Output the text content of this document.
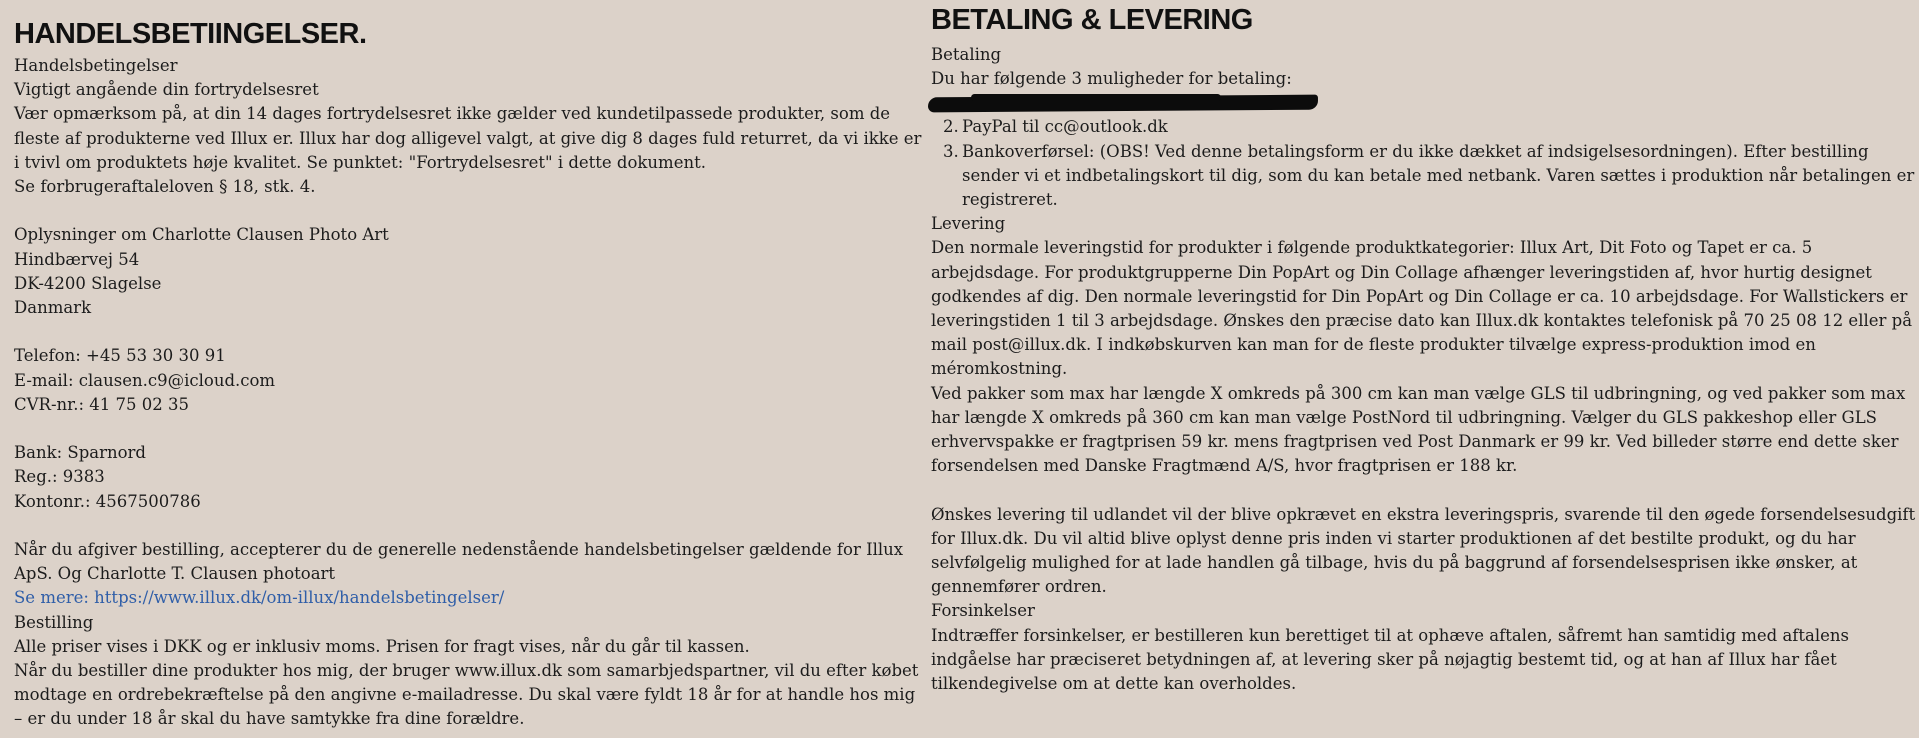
HANDELSBETIINGELSER.

Handelsbetingelser

Vigtigt angående din fortrydelsesret

Vær opmærksom på, at din 14 dages fortrydelsesret ikke gælder ved kundetilpassede produkter, som de fleste af produkterne ved Illux er. Illux har dog alligevel valgt, at give dig 8 dages fuld returret, da vi ikke er i tvivl om produktets høje kvalitet. Se punktet: "Fortrydelsesret" i dette dokument.

Se forbrugeraftaleloven § 18, stk. 4.

Oplysninger om Charlotte Clausen Photo Art

Hindbærvej 54

DK-4200 Slagelse

Danmark

Telefon: +45 53 30 30 91

E-mail: clausen.c9@icloud.com

CVR-nr.: 41 75 02 35

Bank: Sparnord

Reg.: 9383

Kontonr.: 4567500786

Når du afgiver bestilling, accepterer du de generelle nedenstående handelsbetingelser gældende for Illux ApS. Og Charlotte T. Clausen photoart

Se mere: https://www.illux.dk/om-illux/handelsbetingelser/

Bestilling

Alle priser vises i DKK og er inklusiv moms. Prisen for fragt vises, når du går til kassen.

Når du bestiller dine produkter hos mig, der bruger www.illux.dk som samarbjedspartner, vil du efter købet modtage en ordrebekræftelse på den angivne e-mailadresse. Du skal være fyldt 18 år for at handle hos mig – er du under 18 år skal du have samtykke fra dine forældre.

BETALING & LEVERING

Betaling

Du har følgende 3 muligheder for betaling:

2. PayPal til cc@outlook.dk
3. Bankoverførsel: (OBS! Ved denne betalingsform er du ikke dækket af indsigelsesordningen). Efter bestilling sender vi et indbetalingskort til dig, som du kan betale med netbank. Varen sættes i produktion når betalingen er registreret.

Levering

Den normale leveringstid for produkter i følgende produktkategorier: Illux Art, Dit Foto og Tapet er ca. 5 arbejdsdage. For produktgrupperne Din PopArt og Din Collage afhænger leveringstiden af, hvor hurtig designet godkendes af dig. Den normale leveringstid for Din PopArt og Din Collage er ca. 10 arbejdsdage. For Wallstickers er leveringstiden 1 til 3 arbejdsdage. Ønskes den præcise dato kan Illux.dk kontaktes telefonisk på 70 25 08 12 eller på mail post@illux.dk. I indkøbskurven kan man for de fleste produkter tilvælge express-produktion imod en méromkostning.

Ved pakker som max har længde X omkreds på 300 cm kan man vælge GLS til udbringning, og ved pakker som max har længde X omkreds på 360 cm kan man vælge PostNord til udbringning. Vælger du GLS pakkeshop eller GLS erhvervspakke er fragtprisen 59 kr. mens fragtprisen ved Post Danmark er 99 kr. Ved billeder større end dette sker forsendelsen med Danske Fragtmænd A/S, hvor fragtprisen er 188 kr.

Ønskes levering til udlandet vil der blive opkrævet en ekstra leveringspris, svarende til den øgede forsendelsesudgift for Illux.dk. Du vil altid blive oplyst denne pris inden vi starter produktionen af det bestilte produkt, og du har selvfølgelig mulighed for at lade handlen gå tilbage, hvis du på baggrund af forsendelsesprisen ikke ønsker, at gennemfører ordren.

Forsinkelser

Indtræffer forsinkelser, er bestilleren kun berettiget til at ophæve aftalen, såfremt han samtidig med aftalens indgåelse har præciseret betydningen af, at levering sker på nøjagtig bestemt tid, og at han af Illux har fået tilkendegivelse om at dette kan overholdes.
